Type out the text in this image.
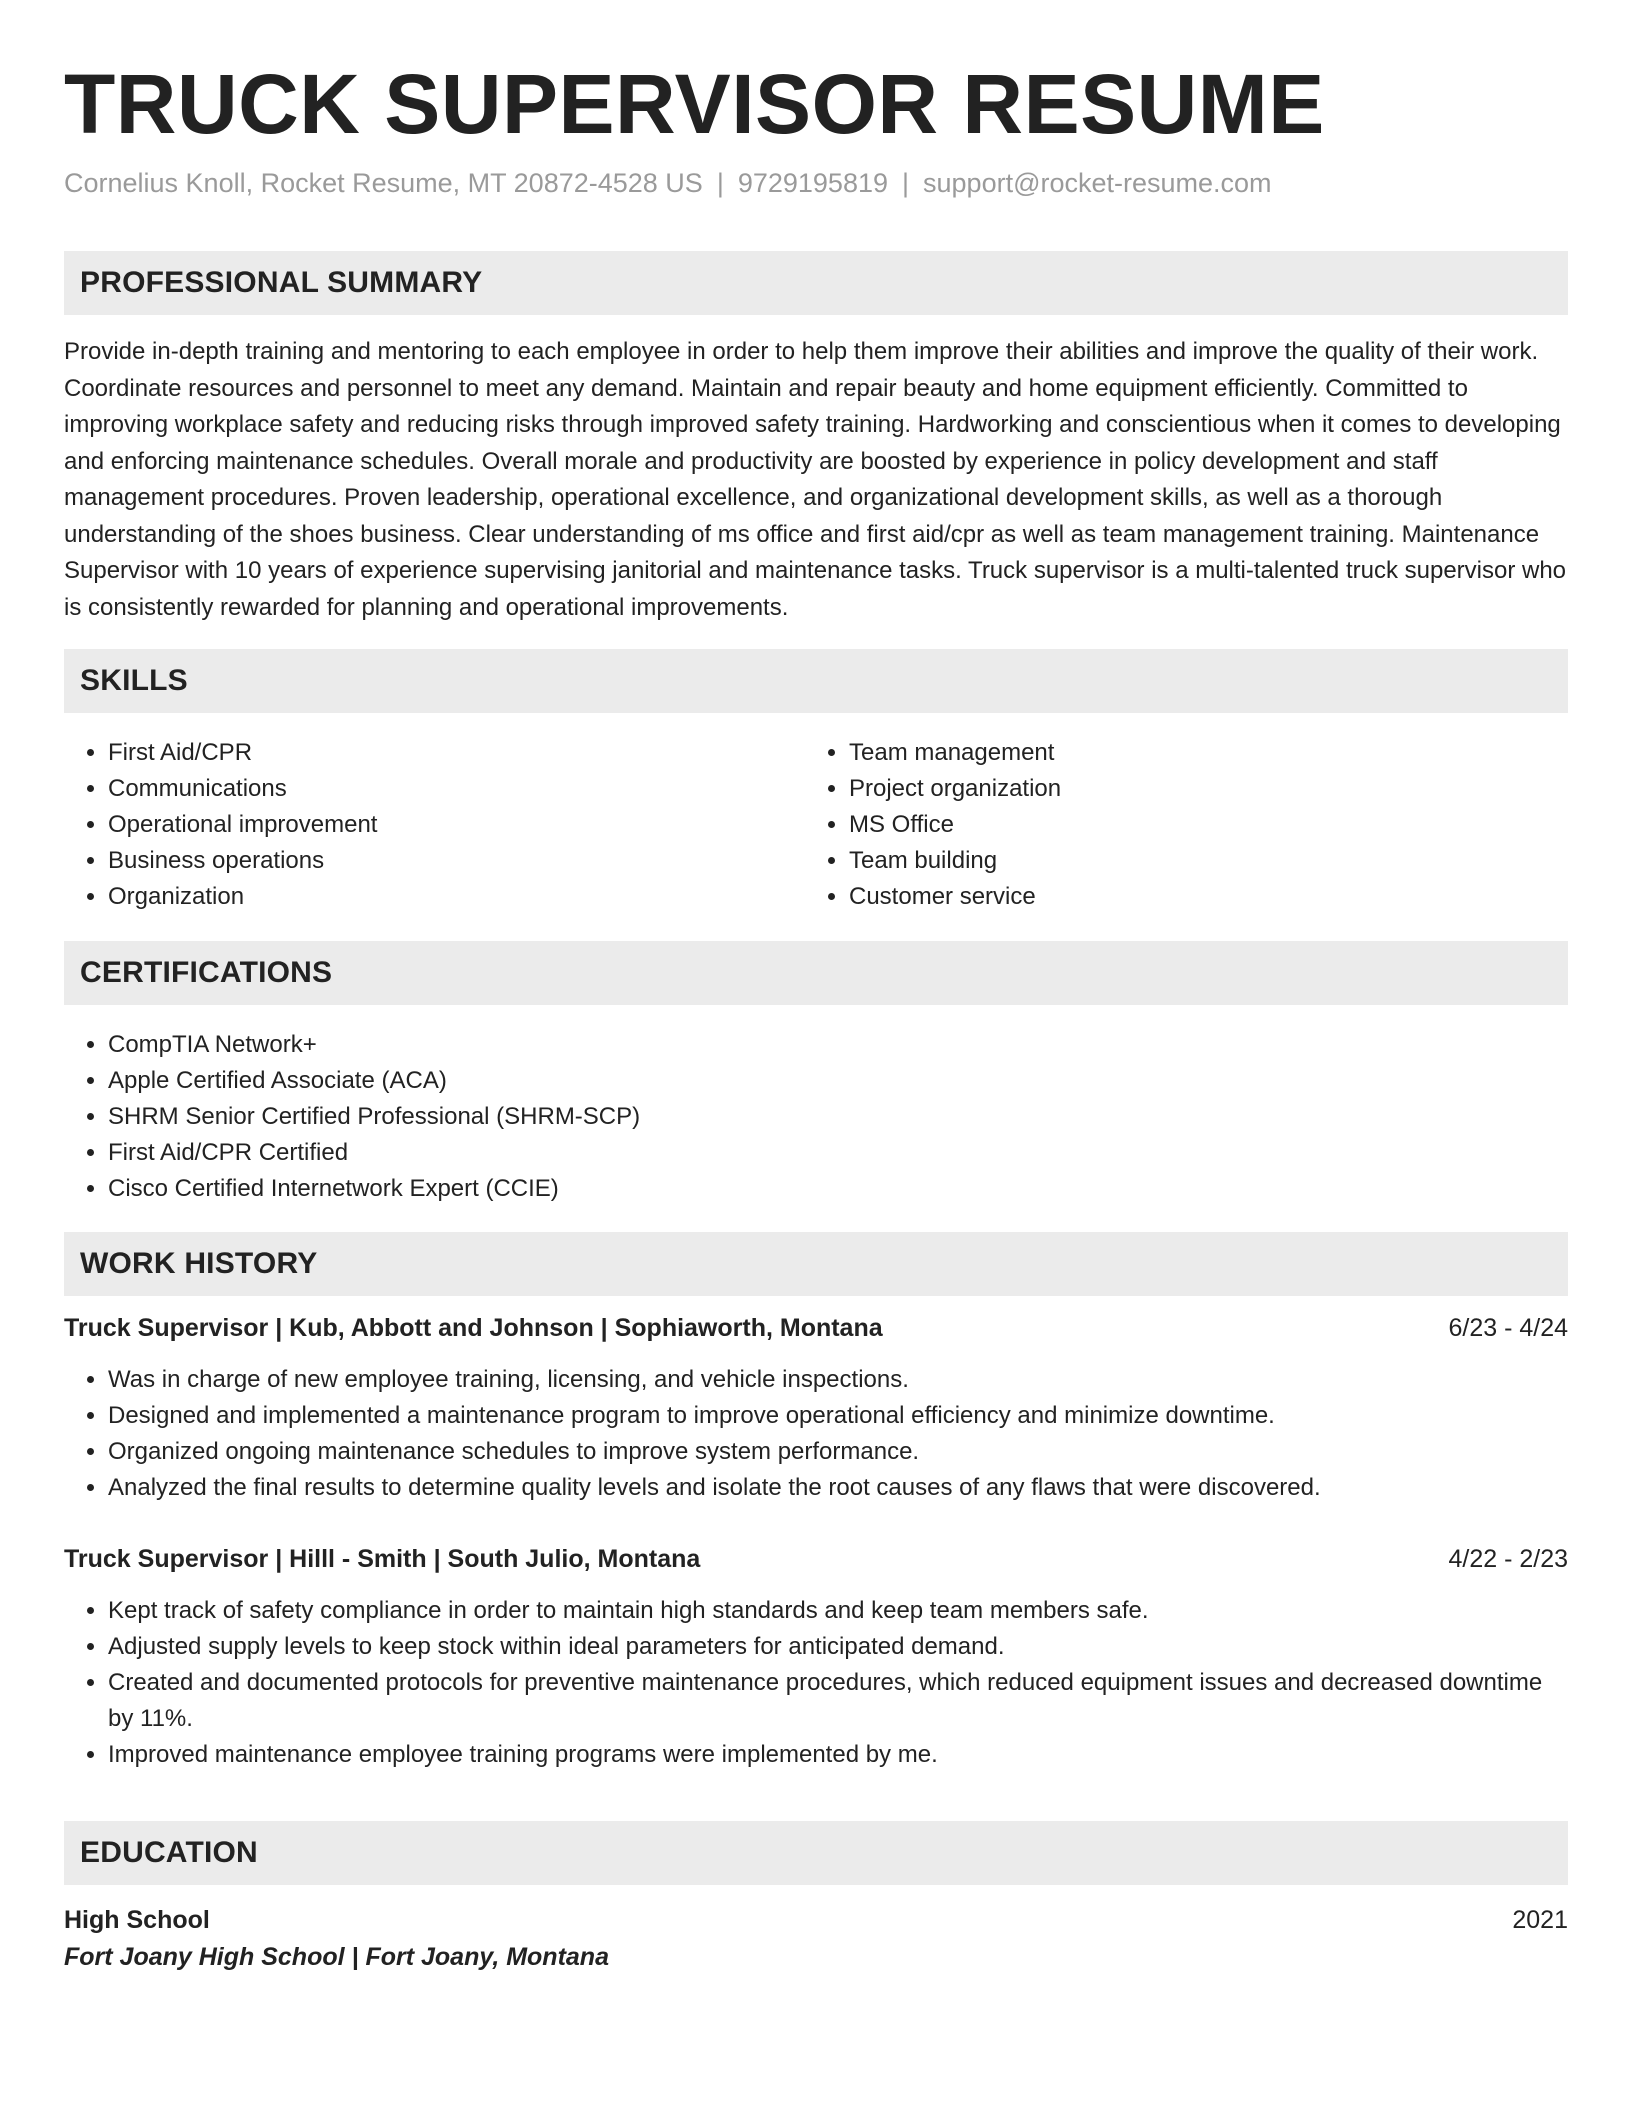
TRUCK SUPERVISOR RESUME
Cornelius Knoll, Rocket Resume, MT 20872-4528 US | 9729195819 | support@rocket-resume.com
PROFESSIONAL SUMMARY

Provide in-depth training and mentoring to each employee in order to help them improve their abilities and improve the quality of their work. Coordinate resources and personnel to meet any demand. Maintain and repair beauty and home equipment efficiently. Committed to improving workplace safety and reducing risks through improved safety training. Hardworking and conscientious when it comes to developing and enforcing maintenance schedules. Overall morale and productivity are boosted by experience in policy development and staff management procedures. Proven leadership, operational excellence, and organizational development skills, as well as a thorough understanding of the shoes business. Clear understanding of ms office and first aid/cpr as well as team management training. Maintenance Supervisor with 10 years of experience supervising janitorial and maintenance tasks. Truck supervisor is a multi-talented truck supervisor who is consistently rewarded for planning and operational improvements.

SKILLS
• First Aid/CPR
• Communications
• Operational improvement
• Business operations
• Organization
• Team management
• Project organization
• MS Office
• Team building
• Customer service
CERTIFICATIONS
• CompTIA Network+
• Apple Certified Associate (ACA)
• SHRM Senior Certified Professional (SHRM-SCP)
• First Aid/CPR Certified
• Cisco Certified Internetwork Expert (CCIE)
WORK HISTORY
Truck Supervisor | Kub, Abbott and Johnson | Sophiaworth, Montana	6/23 - 4/24
• Was in charge of new employee training, licensing, and vehicle inspections.
• Designed and implemented a maintenance program to improve operational efficiency and minimize downtime.
• Organized ongoing maintenance schedules to improve system performance.
• Analyzed the final results to determine quality levels and isolate the root causes of any flaws that were discovered.
Truck Supervisor | Hilll - Smith | South Julio, Montana	4/22 - 2/23
• Kept track of safety compliance in order to maintain high standards and keep team members safe.
• Adjusted supply levels to keep stock within ideal parameters for anticipated demand.
• Created and documented protocols for preventive maintenance procedures, which reduced equipment issues and decreased downtime by 11%.
• Improved maintenance employee training programs were implemented by me.
EDUCATION
High School	2021
Fort Joany High School | Fort Joany, Montana
